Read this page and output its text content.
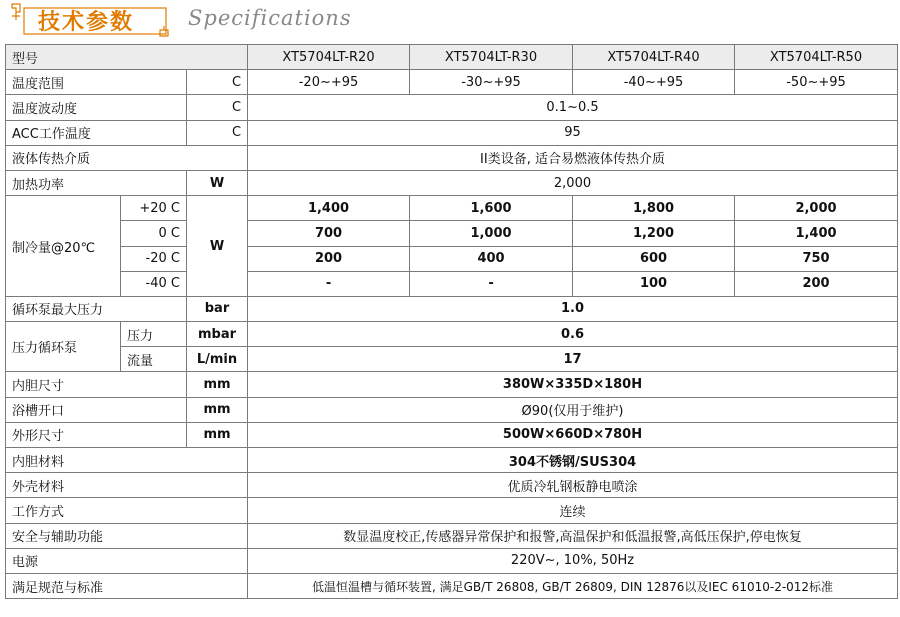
技术参数	Specifications
型号			XT5704LT-R20	XT5704LT-R30	XT5704LT-R40	XT5704LT-R50
温度范围		C	-20~+95	-30~+95	-40~+95	-50~+95
温度波动度		C	0.1~0.5			
ACC工作温度		C	95			
液体传热介质			II类设备, 适合易燃液体传热介质			
加热功率		W	2,000			
制冷量@20℃	+20 C	W	1,400	1,600	1,800	2,000
	0 C		700	1,000	1,200	1,400
	-20 C		200	400	600	750
	-40 C		-	-	100	200
循环泵最大压力		bar	1.0			
压力循环泵	压力	mbar	0.6			
	流量	L/min	17			
内胆尺寸		mm	380W×335D×180H			
浴槽开口		mm	Ø90(仅用于维护)			
外形尺寸		mm	500W×660D×780H			
内胆材料			304不锈钢/SUS304			
外壳材料			优质冷轧钢板静电喷涂			
工作方式			连续			
安全与辅助功能			数显温度校正,传感器异常保护和报警,高温保护和低温报警,高低压保护,停电恢复			
电源			220V~, 10%, 50Hz			
满足规范与标准			低温恒温槽与循环装置, 满足GB/T 26808, GB/T 26809, DIN 12876以及IEC 61010-2-012标准			
